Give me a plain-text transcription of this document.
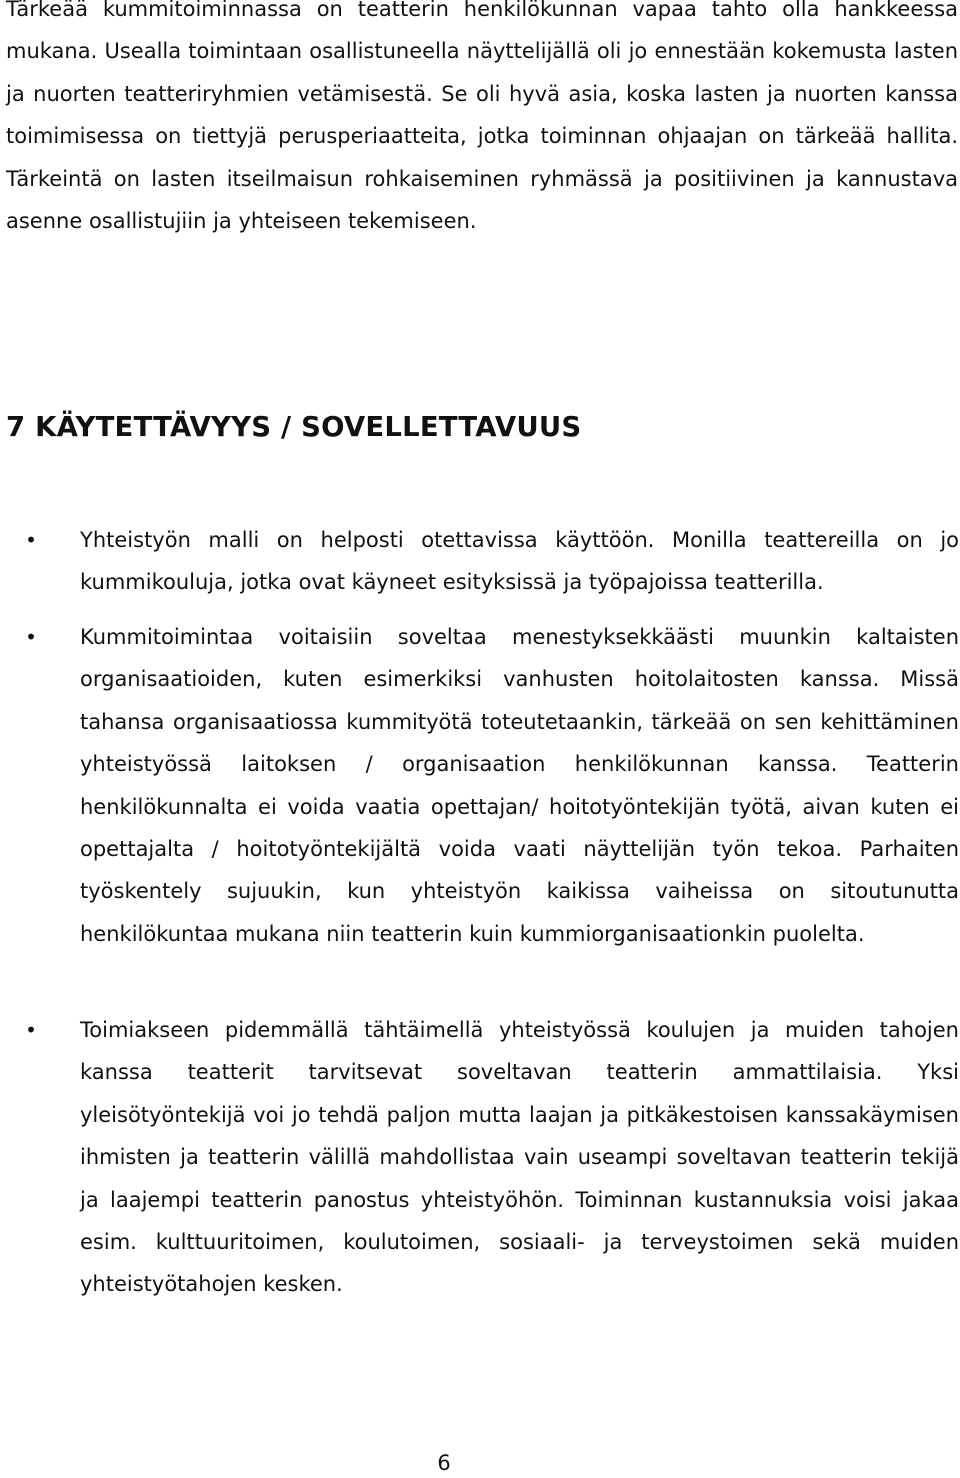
Tärkeää kummitoiminnassa on teatterin henkilökunnan vapaa tahto olla hankkeessa mukana. Usealla toimintaan osallistuneella näyttelijällä oli jo ennestään kokemusta lasten ja nuorten teatteriryhmien vetämisestä. Se oli hyvä asia, koska lasten ja nuorten kanssa toimimisessa on tiettyjä perusperiaatteita, jotka toiminnan ohjaajan on tärkeää hallita. Tärkeintä on lasten itseilmaisun rohkaiseminen ryhmässä ja positiivinen ja kannustava asenne osallistujiin ja yhteiseen tekemiseen.

7 KÄYTETTÄVYYS / SOVELLETTAVUUS
• Yhteistyön malli on helposti otettavissa käyttöön. Monilla teattereilla on jo kummikouluja, jotka ovat käyneet esityksissä ja työpajoissa teatterilla.
• Kummitoimintaa voitaisiin soveltaa menestyksekkäästi muunkin kaltaisten organisaatioiden, kuten esimerkiksi vanhusten hoitolaitosten kanssa. Missä tahansa organisaatiossa kummityötä toteutetaankin, tärkeää on sen kehittäminen yhteistyössä laitoksen / organisaation henkilökunnan kanssa. Teatterin henkilökunnalta ei voida vaatia opettajan/ hoitotyöntekijän työtä, aivan kuten ei opettajalta / hoitotyöntekijältä voida vaati näyttelijän työn tekoa. Parhaiten työskentely sujuukin, kun yhteistyön kaikissa vaiheissa on sitoutunutta henkilökuntaa mukana niin teatterin kuin kummiorganisaationkin puolelta.
• Toimiakseen pidemmällä tähtäimellä yhteistyössä koulujen ja muiden tahojen kanssa teatterit tarvitsevat soveltavan teatterin ammattilaisia. Yksi yleisötyöntekijä voi jo tehdä paljon mutta laajan ja pitkäkestoisen kanssakäymisen ihmisten ja teatterin välillä mahdollistaa vain useampi soveltavan teatterin tekijä ja laajempi teatterin panostus yhteistyöhön. Toiminnan kustannuksia voisi jakaa esim. kulttuuritoimen, koulutoimen, sosiaali- ja terveystoimen sekä muiden yhteistyötahojen kesken.
6
